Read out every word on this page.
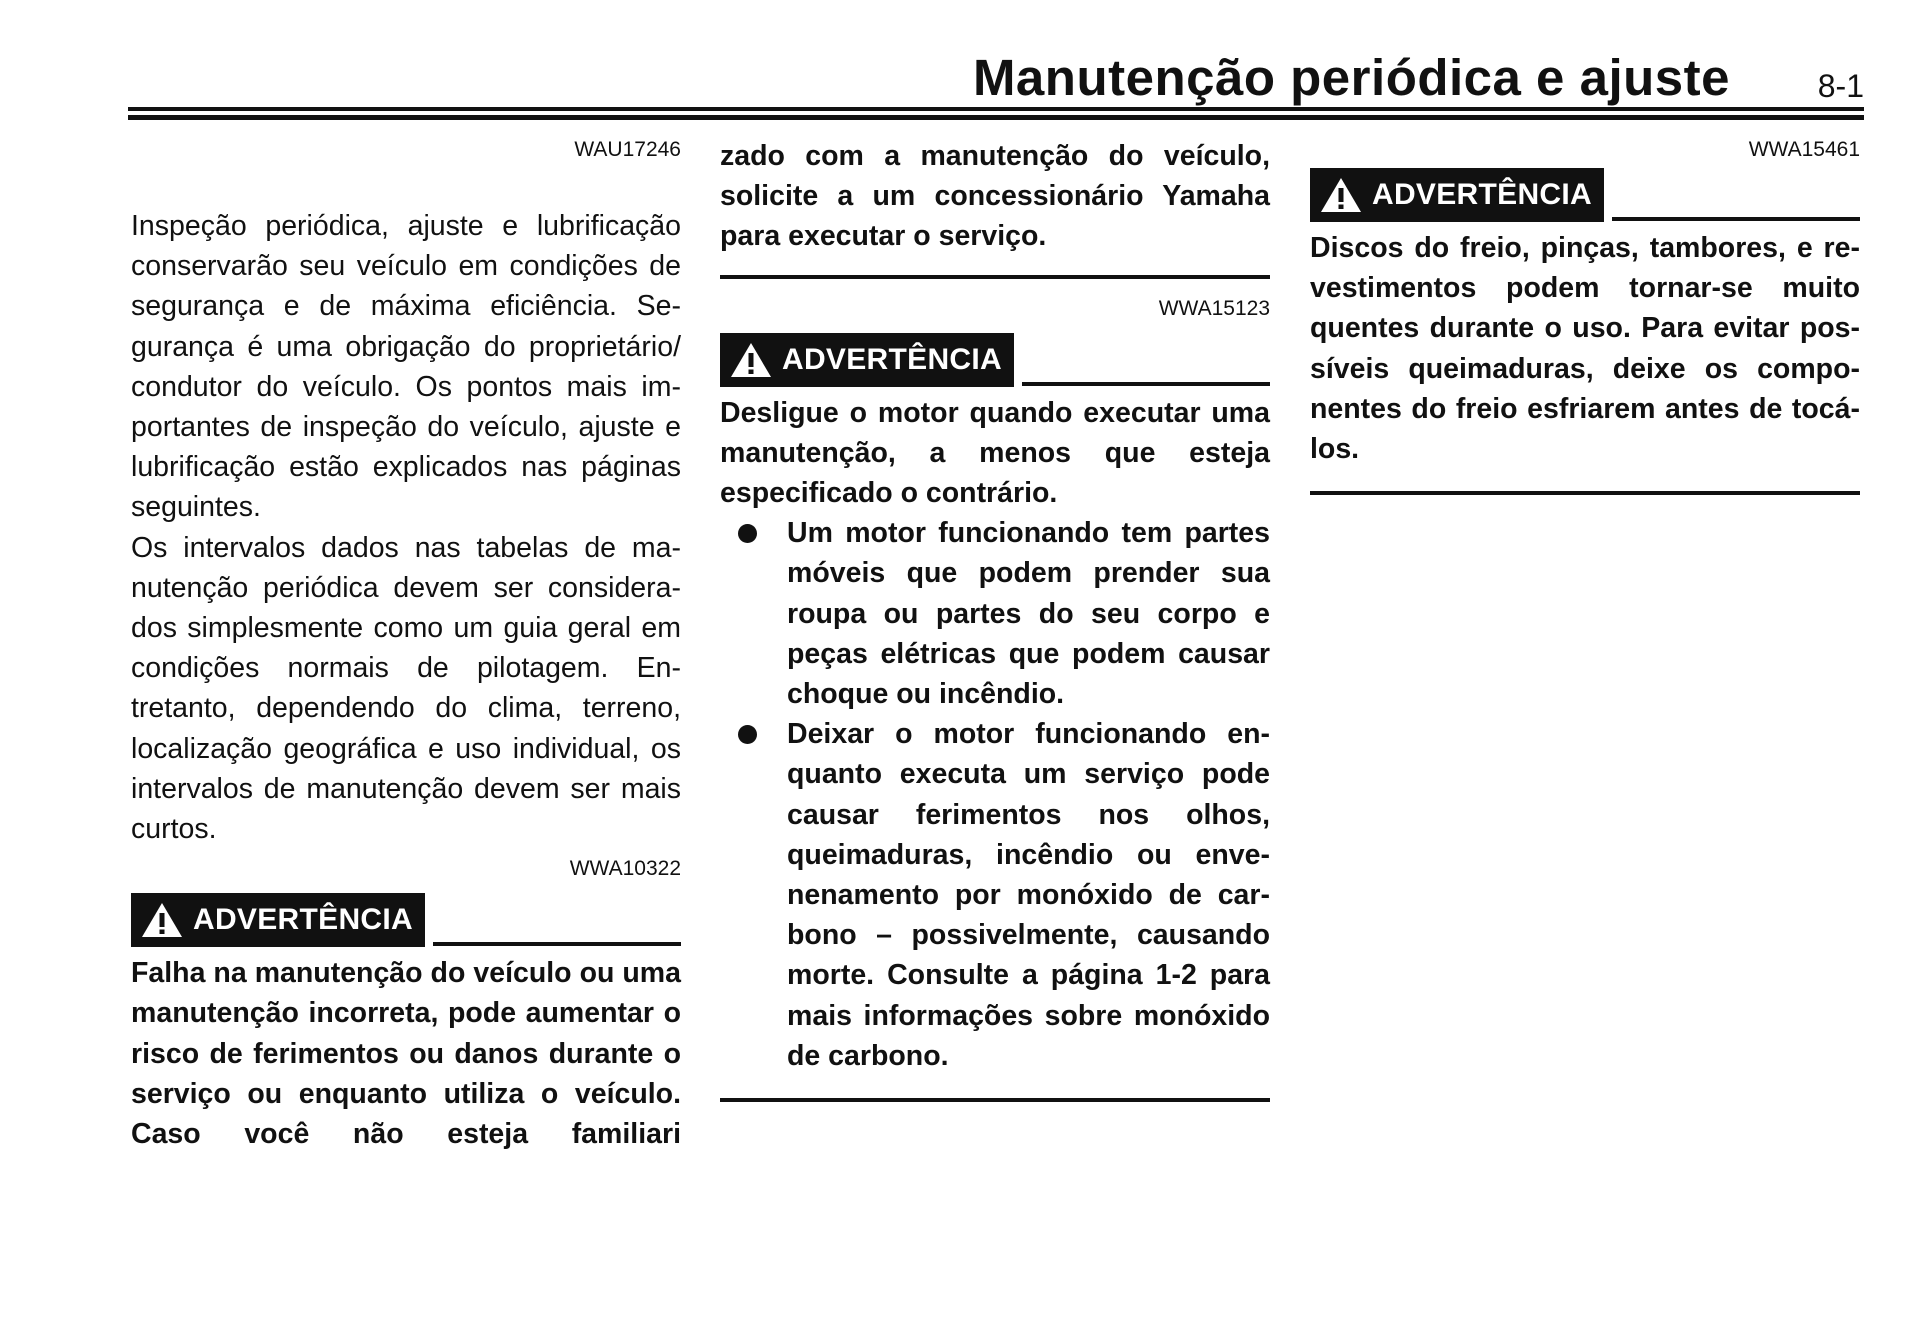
Manutenção periódica e ajuste	8-1

WAU17246

Inspeção periódica, ajuste e lubrificação conservarão seu veículo em condições de segurança e de máxima eficiência. Segurança é uma obrigação do proprietário/ condutor do veículo. Os pontos mais importantes de inspeção do veículo, ajuste e lubrificação estão explicados nas páginas seguintes.

Os intervalos dados nas tabelas de manutenção periódica devem ser considerados simplesmente como um guia geral em condições normais de pilotagem. Entretanto, dependendo do clima, terreno, localização geográfica e uso individual, os intervalos de manutenção devem ser mais curtos.

WWA10322

ADVERTÊNCIA

Falha na manutenção do veículo ou uma manutenção incorreta, pode aumentar o risco de ferimentos ou danos durante o serviço ou enquanto utiliza o veículo. Caso você não esteja familiari

zado com a manutenção do veículo, solicite a um concessionário Yamaha para executar o serviço.

WWA15123

ADVERTÊNCIA

Desligue o motor quando executar uma manutenção, a menos que esteja especificado o contrário.

Um motor funcionando tem partes móveis que podem prender sua roupa ou partes do seu corpo e peças elétricas que podem causar choque ou incêndio.

Deixar o motor funcionando enquanto executa um serviço pode causar ferimentos nos olhos, queimaduras, incêndio ou envenenamento por monóxido de carbono – possivelmente, causando morte. Consulte a página 1-2 para mais informações sobre monóxido de carbono.

WWA15461

ADVERTÊNCIA

Discos do freio, pinças, tambores, e revestimentos podem tornar-se muito quentes durante o uso. Para evitar possíveis queimaduras, deixe os componentes do freio esfriarem antes de tocá-los.
